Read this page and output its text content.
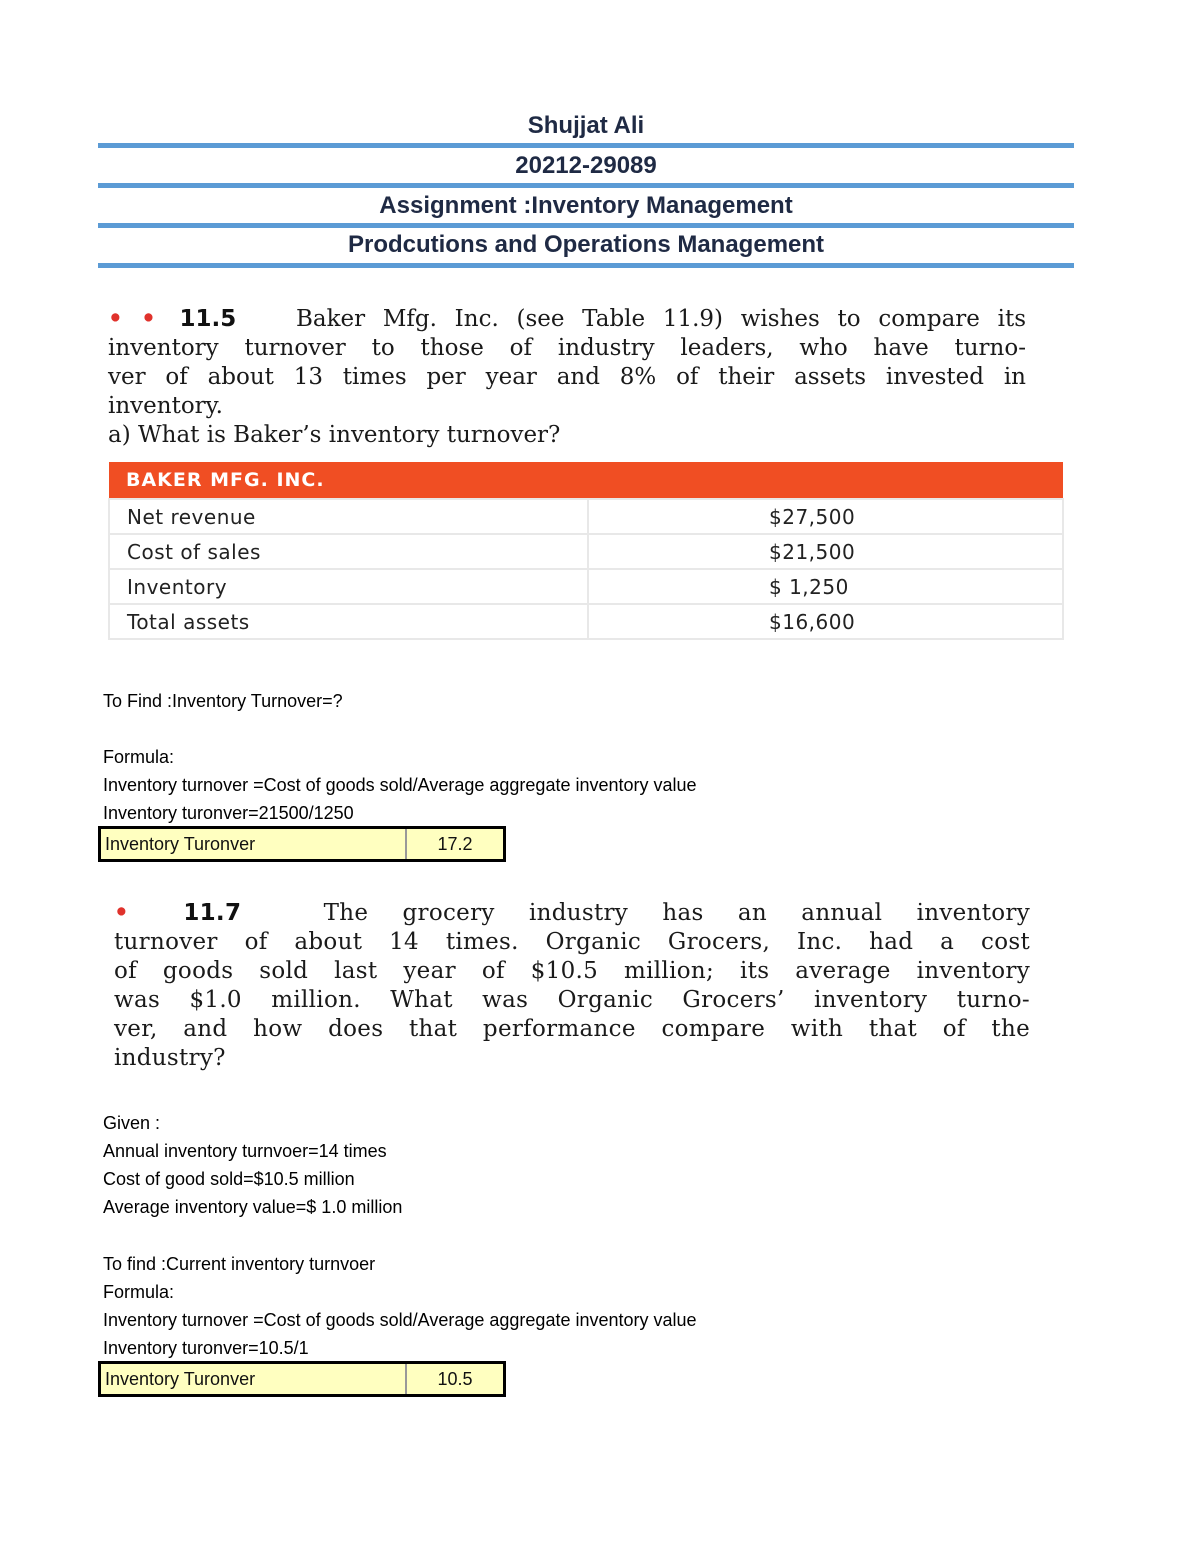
Shujjat Ali
20212-29089
Assignment :Inventory Management
Prodcutions and Operations Management
• • 11.5	Baker Mfg. Inc. (see Table 11.9) wishes to compare its
inventory turnover to those of industry leaders, who have turno-
ver of about 13 times per year and 8% of their assets invested in
inventory.
a) What is Baker’s inventory turnover?
BAKER MFG. INC.	
Net revenue	$27,500
Cost of sales	$21,500
Inventory	$ 1,250
Total assets	$16,600
To Find :Inventory Turnover=?
Formula:
Inventory turnover =Cost of goods sold/Average aggregate inventory value
Inventory turonver=21500/1250
Inventory Turonver	17.2
• 11.7	The grocery industry has an annual inventory
turnover of about 14 times. Organic Grocers, Inc. had a cost
of goods sold last year of $10.5 million; its average inventory
was $1.0 million. What was Organic Grocers’ inventory turno-
ver, and how does that performance compare with that of the
industry?
Given :
Annual inventory turnvoer=14 times
Cost of good sold=$10.5 million
Average inventory value=$ 1.0 million
To find :Current inventory turnvoer
Formula:
Inventory turnover =Cost of goods sold/Average aggregate inventory value
Inventory turonver=10.5/1
Inventory Turonver	10.5
